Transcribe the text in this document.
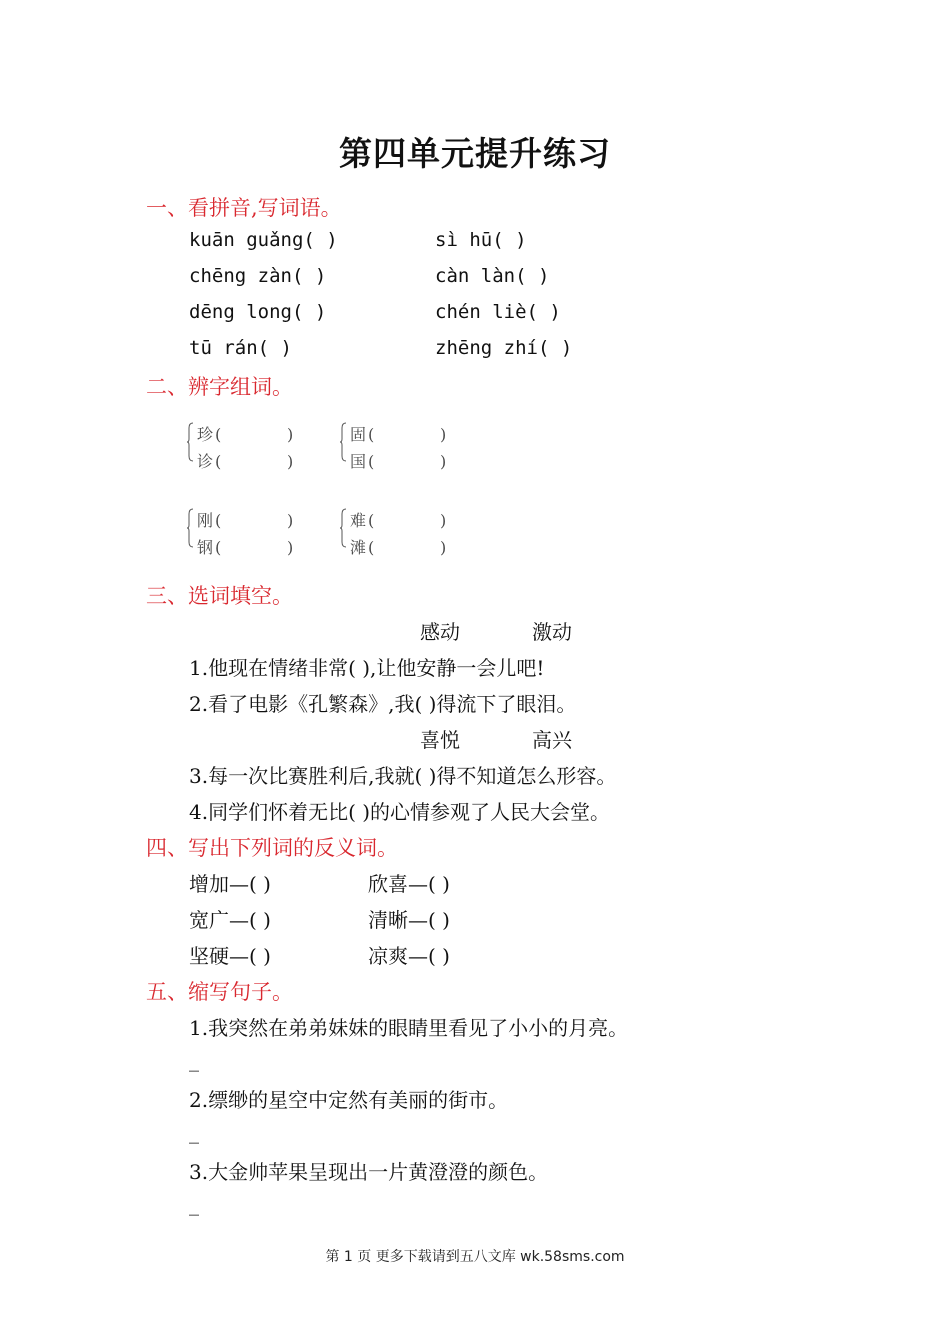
第四单元提升练习
一、看拼音,写词语。
kuān guǎng( )	sì hū( )
chēng zàn( )	càn làn( )
dēng long( )	chén liè( )
tū rán( )	zhēng zhí( )
二、辨字组词。
珍 (	)
诊 (	)
固 (	)
国 (	)
刚 (	)
钢 (	)
难 (	)
滩 (	)
三、选词填空。
感动	激动
1.他现在情绪非常( ),让他安静一会儿吧!
2.看了电影《孔繁森》,我( )得流下了眼泪。
喜悦	高兴
3.每一次比赛胜利后,我就( )得不知道怎么形容。
4.同学们怀着无比( )的心情参观了人民大会堂。
四、写出下列词的反义词。
增加—( )	欣喜—( )
宽广—( )	清晰—( )
坚硬—( )	凉爽—( )
五、缩写句子。
1.我突然在弟弟妹妹的眼睛里看见了小小的月亮。
_
2.缥缈的星空中定然有美丽的街市。
_
3.大金帅苹果呈现出一片黄澄澄的颜色。
_
第 1 页 更多下载请到五八文库 wk.58sms.com
